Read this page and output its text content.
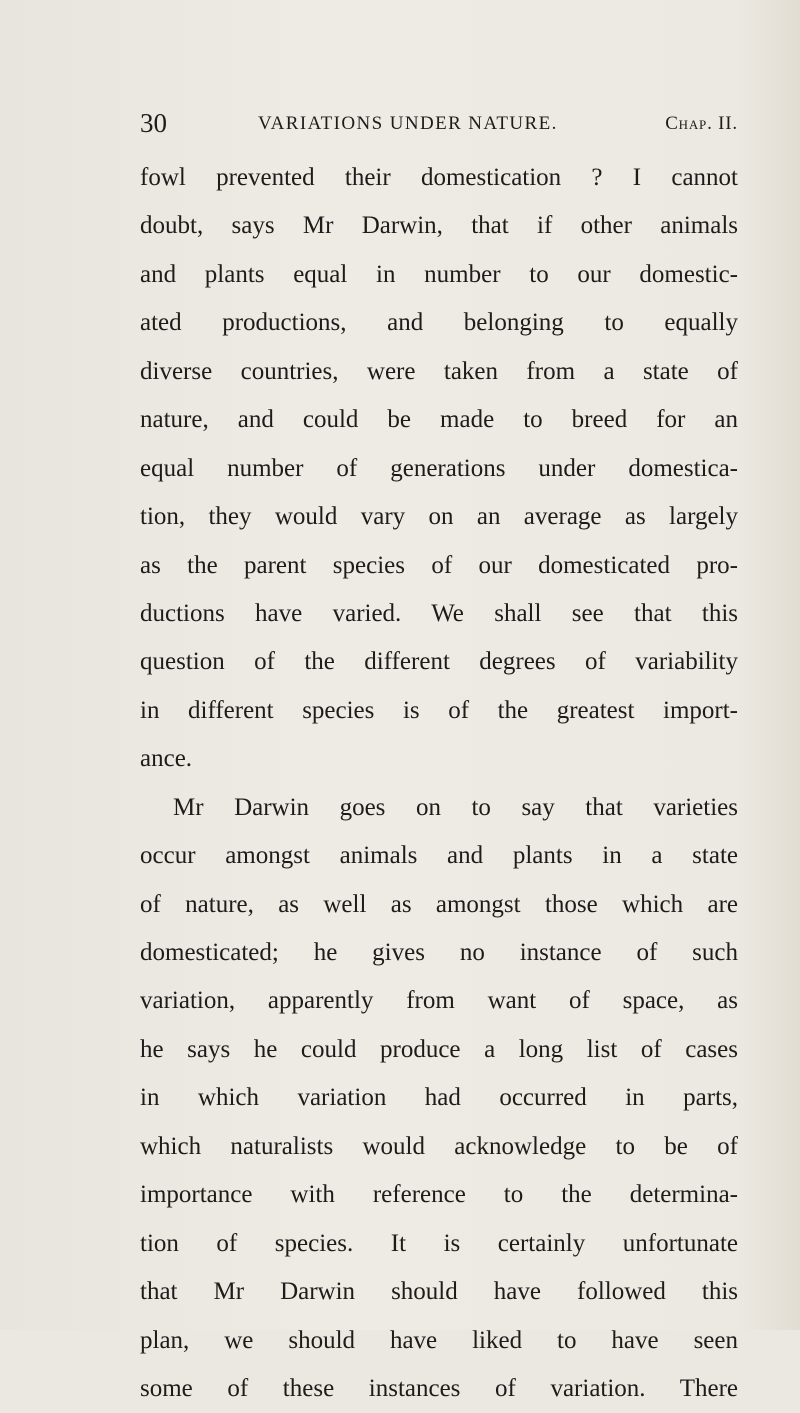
30	VARIATIONS UNDER NATURE.	Chap. II.
fowl prevented their domestication ? I cannot
doubt, says Mr Darwin, that if other animals
and plants equal in number to our domestic-
ated productions, and belonging to equally
diverse countries, were taken from a state of
nature, and could be made to breed for an
equal number of generations under domestica-
tion, they would vary on an average as largely
as the parent species of our domesticated pro-
ductions have varied. We shall see that this
question of the different degrees of variability
in different species is of the greatest import-
ance.
Mr Darwin goes on to say that varieties
occur amongst animals and plants in a state
of nature, as well as amongst those which are
domesticated; he gives no instance of such
variation, apparently from want of space, as
he says he could produce a long list of cases
in which variation had occurred in parts,
which naturalists would acknowledge to be of
importance with reference to the determina-
tion of species. It is certainly unfortunate
that Mr Darwin should have followed this
plan, we should have liked to have seen
some of these instances of variation. There
